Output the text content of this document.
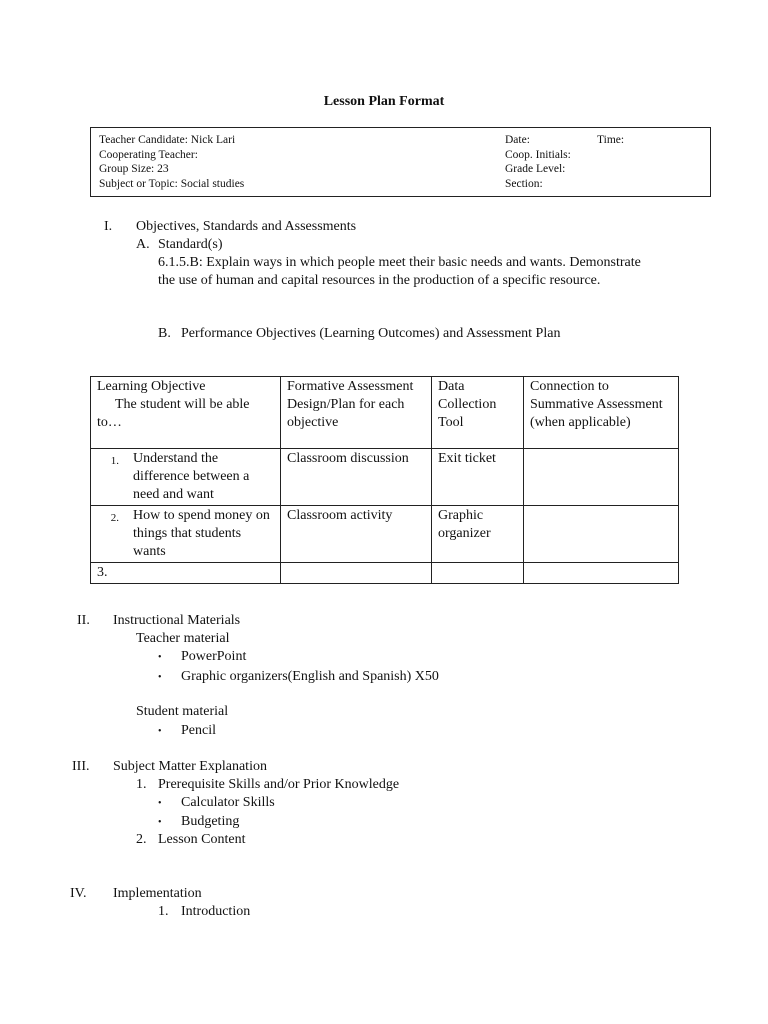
Lesson Plan Format
Teacher Candidate: Nick Lari
Cooperating Teacher:
Group Size: 23
Subject or Topic: Social studies
Date:	Time:
Coop. Initials:
Grade Level:
Section:
I. Objectives, Standards and Assessments
A. Standard(s)
6.1.5.B: Explain ways in which people meet their basic needs and wants. Demonstrate
the use of human and capital resources in the production of a specific resource.
B. Performance Objectives (Learning Outcomes) and Assessment Plan
Learning Objective
The student will be able
to…	Formative Assessment Design/Plan for each objective	Data Collection Tool	Connection to Summative Assessment (when applicable)

1. Understand the difference between a need and want	Classroom discussion	Exit ticket	

2. How to spend money on things that students wants	Classroom activity	Graphic organizer	
3.			
II. Instructional Materials
Teacher material
• PowerPoint
• Graphic organizers(English and Spanish) X50
Student material
• Pencil
III. Subject Matter Explanation
1. Prerequisite Skills and/or Prior Knowledge
• Calculator Skills
• Budgeting
2. Lesson Content
IV. Implementation
1. Introduction
